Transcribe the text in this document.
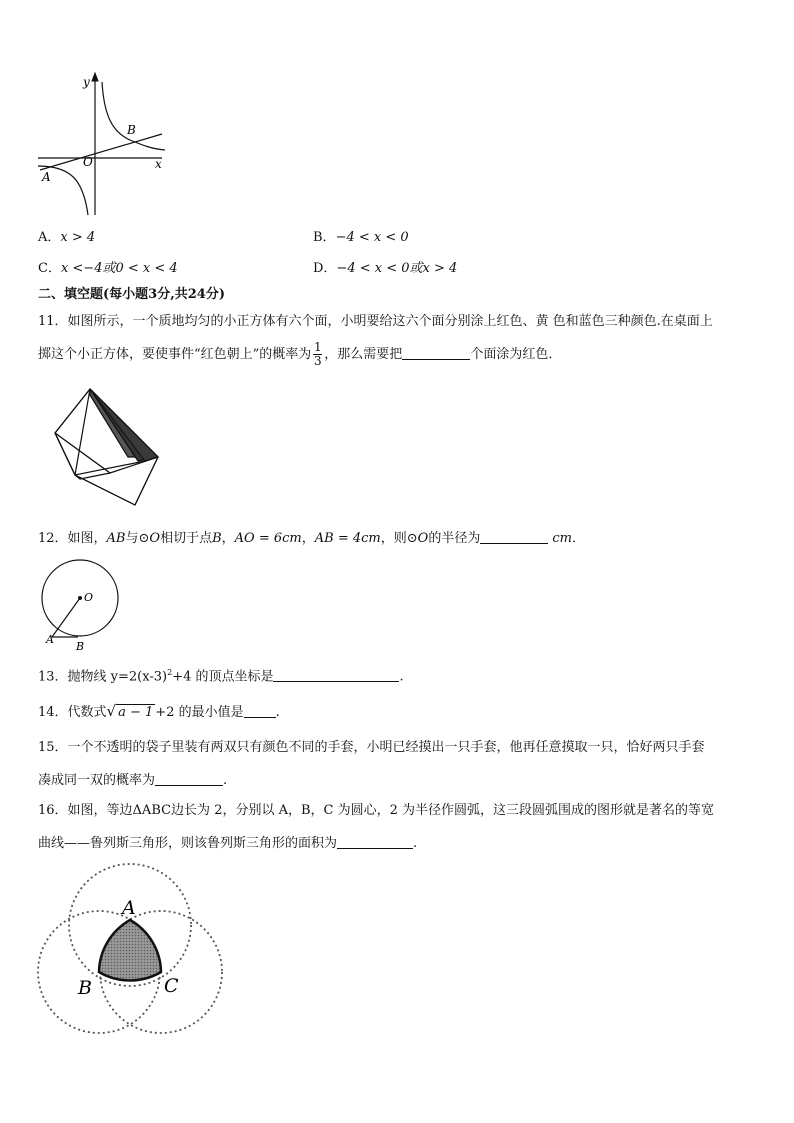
y
x
O
A
B
A．x > 4	B．−4 < x < 0
C．x <−4或0 < x < 4	D．−4 < x < 0或x > 4
二、填空题(每小题3分,共24分)
11．如图所示，一个质地均匀的小正方体有六个面，小明要给这六个面分别涂上红色、黄 色和蓝色三种颜色.在桌面上
掷这个小正方体，要使事件“红色朝上”的概率为 $\frac{1}{3}$ ，那么需要把	个面涂为红色．
12．如图，AB与⊙O相切于点B，AO = 6cm，AB = 4cm，则⊙O的半径为	cm．
O
A
B
13．抛物线 $y=2(x-3)^2+4$ 的顶点坐标是	.
14．代数式√ a − 1 +2 的最小值是 .
15．一个不透明的袋子里装有两双只有颜色不同的手套，小明已经摸出一只手套，他再任意摸取一只，恰好两只手套
凑成同一双的概率为	.
16．如图，等边ΔABC边长为 2，分别以 A，B，C 为圆心，2 为半径作圆弧，这三段圆弧围成的图形就是著名的等宽
曲线——鲁列斯三角形，则该鲁列斯三角形的面积为	.
A
B	C
